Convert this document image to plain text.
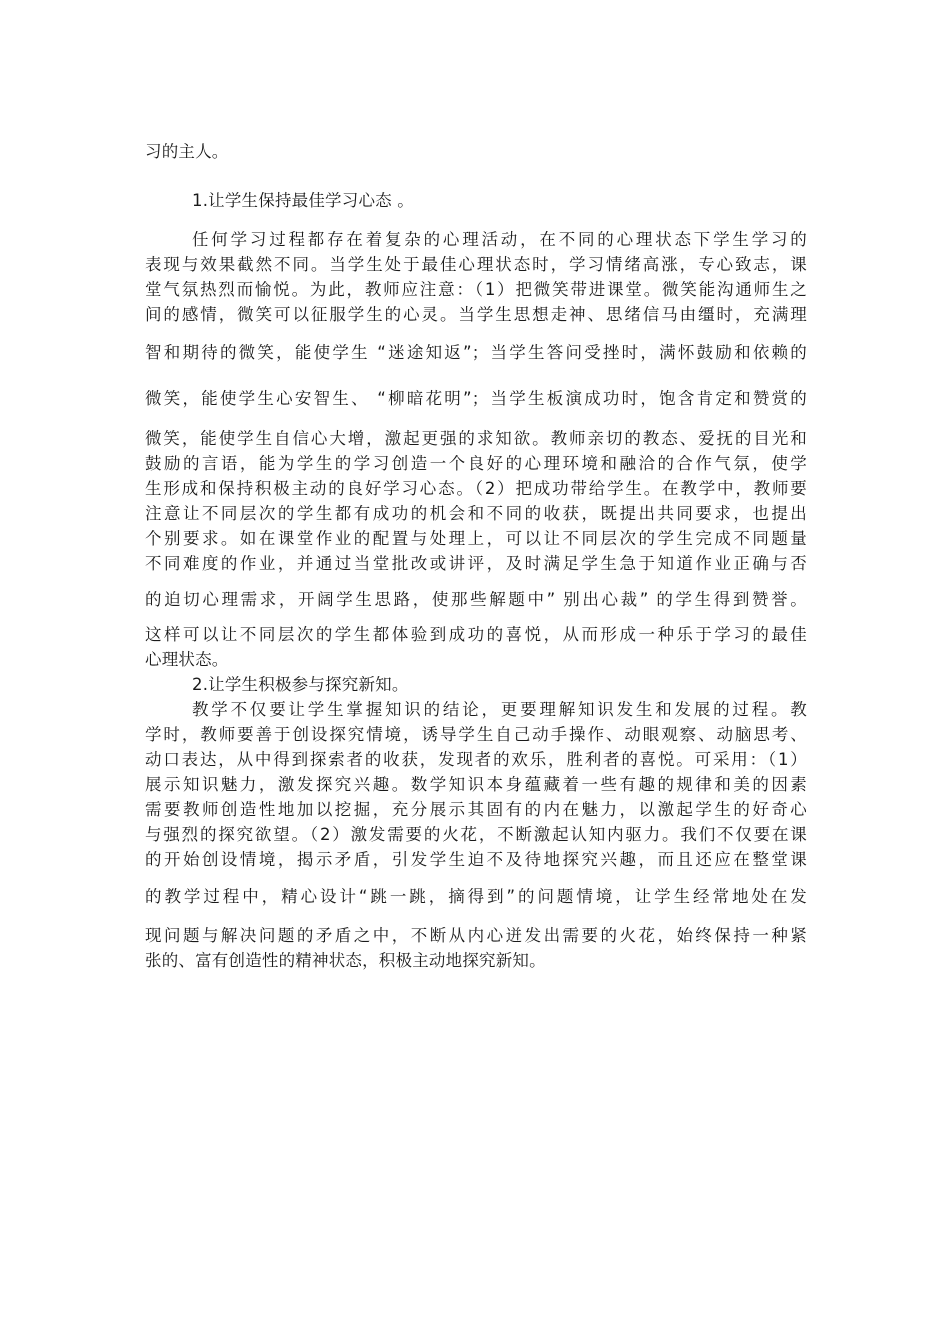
习的主人。
1.让学生保持最佳学习心态 。
任何学习过程都存在着复杂的心理活动，在不同的心理状态下学生学习的
表现与效果截然不同。当学生处于最佳心理状态时，学习情绪高涨，专心致志，课
堂气氛热烈而愉悦。为此，教师应注意：（1）把微笑带进课堂。微笑能沟通师生之
间的感情，微笑可以征服学生的心灵。当学生思想走神、思绪信马由缰时，充满理
智和期待的微笑，能使学生 “迷途知返”；当学生答问受挫时，满怀鼓励和依赖的
微笑，能使学生心安智生、 “柳暗花明”；当学生板演成功时，饱含肯定和赞赏的
微笑，能使学生自信心大增，激起更强的求知欲。教师亲切的教态、爱抚的目光和
鼓励的言语，能为学生的学习创造一个良好的心理环境和融洽的合作气氛，使学
生形成和保持积极主动的良好学习心态。（2）把成功带给学生。在教学中，教师要
注意让不同层次的学生都有成功的机会和不同的收获，既提出共同要求，也提出
个别要求。如在课堂作业的配置与处理上，可以让不同层次的学生完成不同题量
不同难度的作业，并通过当堂批改或讲评，及时满足学生急于知道作业正确与否
的迫切心理需求，开阔学生思路，使那些解题中” 别出心裁” 的学生得到赞誉。
这样可以让不同层次的学生都体验到成功的喜悦，从而形成一种乐于学习的最佳
心理状态。
2.让学生积极参与探究新知。
教学不仅要让学生掌握知识的结论，更要理解知识发生和发展的过程。教
学时，教师要善于创设探究情境，诱导学生自己动手操作、动眼观察、动脑思考、
动口表达，从中得到探索者的收获，发现者的欢乐，胜利者的喜悦。可采用：（1）
展示知识魅力，激发探究兴趣。数学知识本身蕴藏着一些有趣的规律和美的因素
需要教师创造性地加以挖掘，充分展示其固有的内在魅力，以激起学生的好奇心
与强烈的探究欲望。（2）激发需要的火花，不断激起认知内驱力。我们不仅要在课
的开始创设情境，揭示矛盾，引发学生迫不及待地探究兴趣，而且还应在整堂课
的教学过程中，精心设计“跳一跳，摘得到”的问题情境，让学生经常地处在发
现问题与解决问题的矛盾之中，不断从内心迸发出需要的火花，始终保持一种紧
张的、富有创造性的精神状态，积极主动地探究新知。
